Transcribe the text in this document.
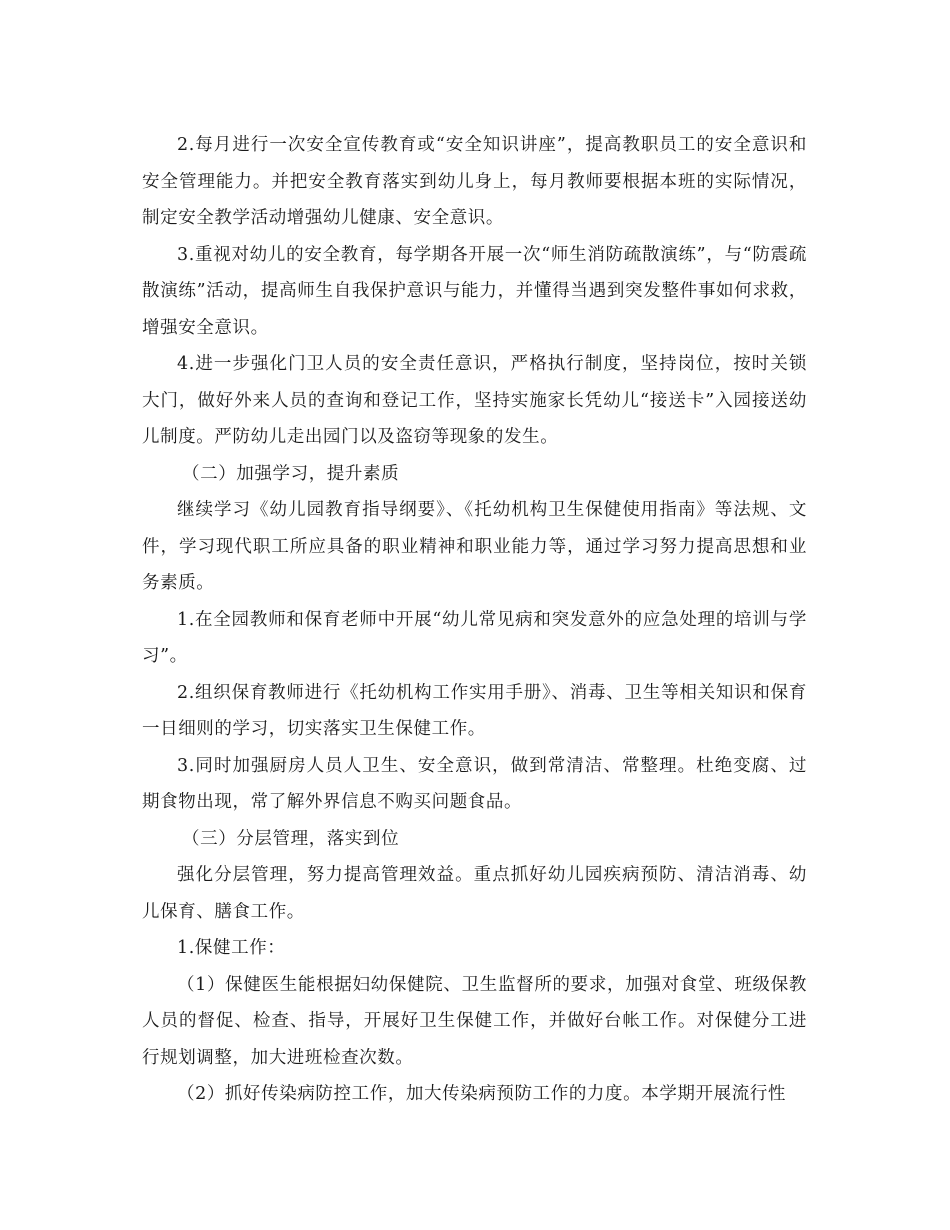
2.每月进行一次安全宣传教育或“安全知识讲座”，提高教职员工的安全意识和安全管理能力。并把安全教育落实到幼儿身上，每月教师要根据本班的实际情况，制定安全教学活动增强幼儿健康、安全意识。

3.重视对幼儿的安全教育，每学期各开展一次“师生消防疏散演练”，与“防震疏散演练”活动，提高师生自我保护意识与能力，并懂得当遇到突发整件事如何求救，增强安全意识。

4.进一步强化门卫人员的安全责任意识，严格执行制度，坚持岗位，按时关锁大门，做好外来人员的查询和登记工作，坚持实施家长凭幼儿“接送卡”入园接送幼儿制度。严防幼儿走出园门以及盗窃等现象的发生。

（二）加强学习，提升素质

继续学习《幼儿园教育指导纲要》、《托幼机构卫生保健使用指南》等法规、文件，学习现代职工所应具备的职业精神和职业能力等，通过学习努力提高思想和业务素质。

1.在全园教师和保育老师中开展“幼儿常见病和突发意外的应急处理的培训与学习”。

2.组织保育教师进行《托幼机构工作实用手册》、消毒、卫生等相关知识和保育一日细则的学习，切实落实卫生保健工作。

3.同时加强厨房人员人卫生、安全意识，做到常清洁、常整理。杜绝变腐、过期食物出现，常了解外界信息不购买问题食品。

（三）分层管理，落实到位

强化分层管理，努力提高管理效益。重点抓好幼儿园疾病预防、清洁消毒、幼儿保育、膳食工作。

1.保健工作：

（1）保健医生能根据妇幼保健院、卫生监督所的要求，加强对食堂、班级保教人员的督促、检查、指导，开展好卫生保健工作，并做好台帐工作。对保健分工进行规划调整，加大进班检查次数。

（2）抓好传染病防控工作，加大传染病预防工作的力度。本学期开展流行性
